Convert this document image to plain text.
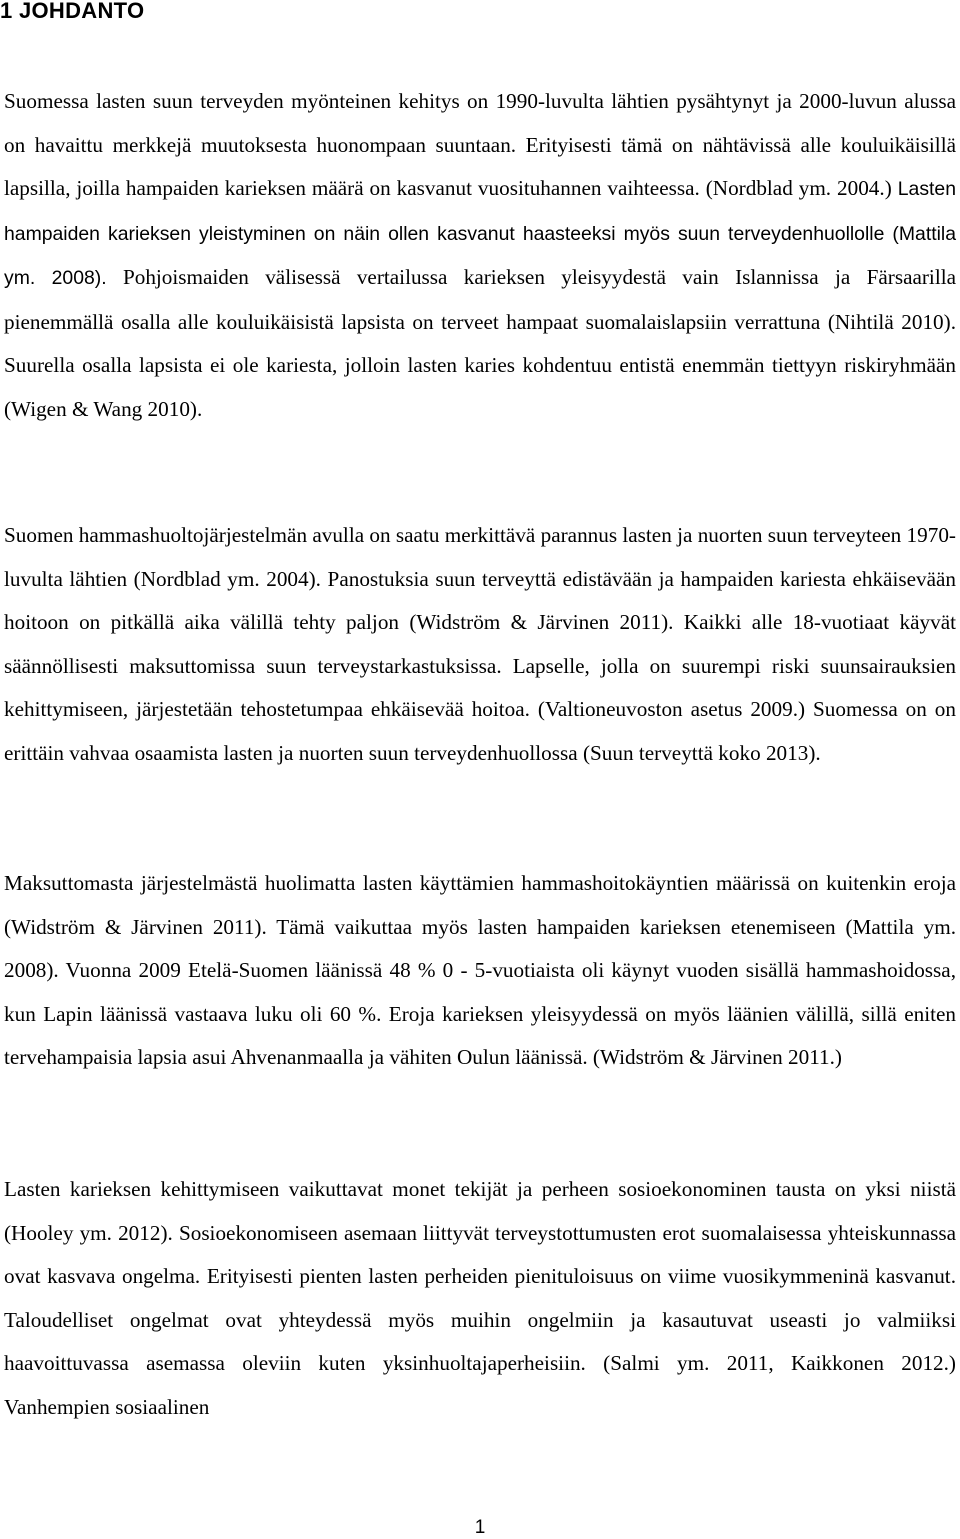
1 JOHDANTO

Suomessa lasten suun terveyden myönteinen kehitys on 1990-luvulta lähtien pysähtynyt ja 2000-luvun alussa on havaittu merkkejä muutoksesta huonompaan suuntaan. Erityisesti tämä on nähtävissä alle kouluikäisillä lapsilla, joilla hampaiden karieksen määrä on kasvanut vuosituhannen vaihteessa. (Nordblad ym. 2004.) Lasten hampaiden karieksen yleistyminen on näin ollen kasvanut haasteeksi myös suun terveydenhuollolle (Mattila ym. 2008). Pohjoismaiden välisessä vertailussa karieksen yleisyydestä vain Islannissa ja Färsaarilla pienemmällä osalla alle kouluikäisistä lapsista on terveet hampaat suomalaislapsiin verrattuna (Nihtilä 2010). Suurella osalla lapsista ei ole kariesta, jolloin lasten karies kohdentuu entistä enemmän tiettyyn riskiryhmään (Wigen & Wang 2010).

Suomen hammashuoltojärjestelmän avulla on saatu merkittävä parannus lasten ja nuorten suun terveyteen 1970-luvulta lähtien (Nordblad ym. 2004). Panostuksia suun terveyttä edistävään ja hampaiden kariesta ehkäisevään hoitoon on pitkällä aika välillä tehty paljon (Widström & Järvinen 2011). Kaikki alle 18-vuotiaat käyvät säännöllisesti maksuttomissa suun terveystarkastuksissa. Lapselle, jolla on suurempi riski suunsairauksien kehittymiseen, järjestetään tehostetumpaa ehkäisevää hoitoa. (Valtioneuvoston asetus 2009.) Suomessa on on erittäin vahvaa osaamista lasten ja nuorten suun terveydenhuollossa (Suun terveyttä koko 2013).

Maksuttomasta järjestelmästä huolimatta lasten käyttämien hammashoitokäyntien määrissä on kuitenkin eroja (Widström & Järvinen 2011). Tämä vaikuttaa myös lasten hampaiden karieksen etenemiseen (Mattila ym. 2008). Vuonna 2009 Etelä-Suomen läänissä 48 % 0 - 5-vuotiaista oli käynyt vuoden sisällä hammashoidossa, kun Lapin läänissä vastaava luku oli 60 %. Eroja karieksen yleisyydessä on myös läänien välillä, sillä eniten tervehampaisia lapsia asui Ahvenanmaalla ja vähiten Oulun läänissä. (Widström & Järvinen 2011.)

Lasten karieksen kehittymiseen vaikuttavat monet tekijät ja perheen sosioekonominen tausta on yksi niistä (Hooley ym. 2012). Sosioekonomiseen asemaan liittyvät terveystottumusten erot suomalaisessa yhteiskunnassa ovat kasvava ongelma. Erityisesti pienten lasten perheiden pienituloisuus on viime vuosikymmeninä kasvanut. Taloudelliset ongelmat ovat yhteydessä myös muihin ongelmiin ja kasautuvat useasti jo valmiiksi haavoittuvassa asemassa oleviin kuten yksinhuoltajaperheisiin. (Salmi ym. 2011, Kaikkonen 2012.) Vanhempien sosiaalinen

1
